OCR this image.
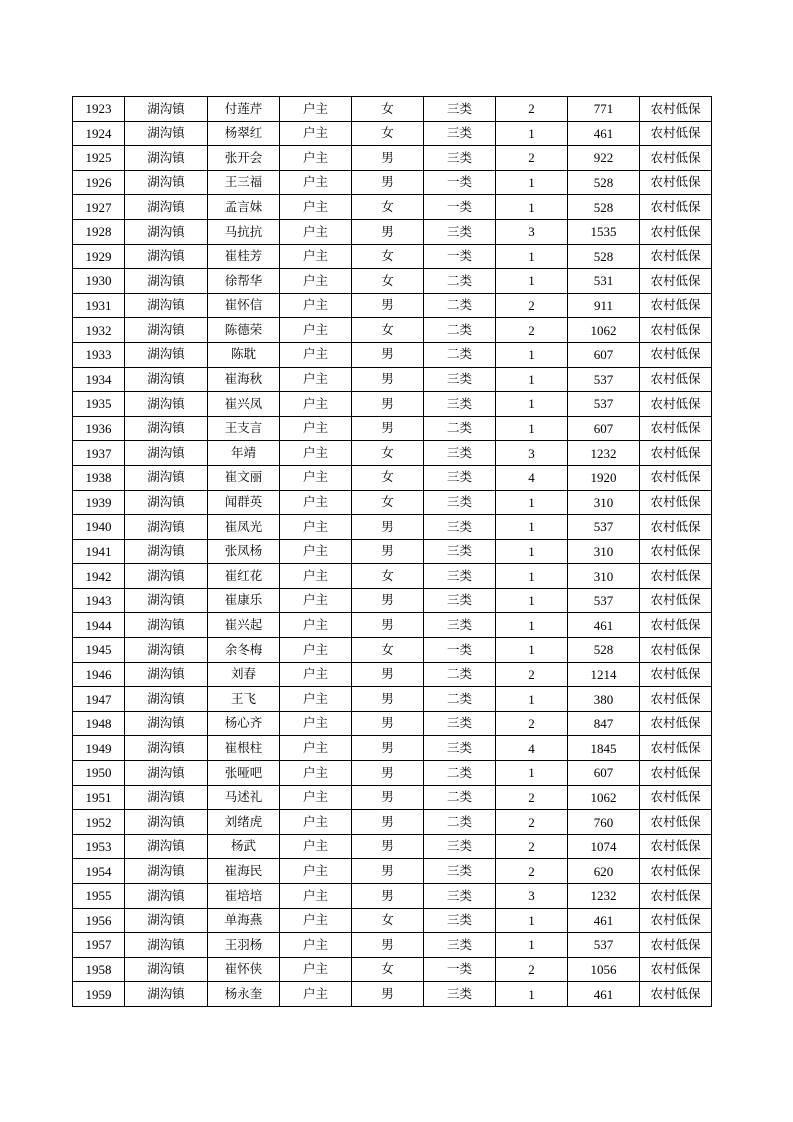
1923	湖沟镇	付莲芹	户主	女	三类	2	771	农村低保
1924	湖沟镇	杨翠红	户主	女	三类	1	461	农村低保
1925	湖沟镇	张开会	户主	男	三类	2	922	农村低保
1926	湖沟镇	王三福	户主	男	一类	1	528	农村低保
1927	湖沟镇	孟言妹	户主	女	一类	1	528	农村低保
1928	湖沟镇	马抗抗	户主	男	三类	3	1535	农村低保
1929	湖沟镇	崔桂芳	户主	女	一类	1	528	农村低保
1930	湖沟镇	徐帮华	户主	女	二类	1	531	农村低保
1931	湖沟镇	崔怀信	户主	男	二类	2	911	农村低保
1932	湖沟镇	陈德荣	户主	女	二类	2	1062	农村低保
1933	湖沟镇	陈耽	户主	男	二类	1	607	农村低保
1934	湖沟镇	崔海秋	户主	男	三类	1	537	农村低保
1935	湖沟镇	崔兴凤	户主	男	三类	1	537	农村低保
1936	湖沟镇	王支言	户主	男	二类	1	607	农村低保
1937	湖沟镇	年靖	户主	女	三类	3	1232	农村低保
1938	湖沟镇	崔文丽	户主	女	三类	4	1920	农村低保
1939	湖沟镇	闻群英	户主	女	三类	1	310	农村低保
1940	湖沟镇	崔凤光	户主	男	三类	1	537	农村低保
1941	湖沟镇	张凤杨	户主	男	三类	1	310	农村低保
1942	湖沟镇	崔红花	户主	女	三类	1	310	农村低保
1943	湖沟镇	崔康乐	户主	男	三类	1	537	农村低保
1944	湖沟镇	崔兴起	户主	男	三类	1	461	农村低保
1945	湖沟镇	余冬梅	户主	女	一类	1	528	农村低保
1946	湖沟镇	刘春	户主	男	二类	2	1214	农村低保
1947	湖沟镇	王飞	户主	男	二类	1	380	农村低保
1948	湖沟镇	杨心齐	户主	男	三类	2	847	农村低保
1949	湖沟镇	崔根柱	户主	男	三类	4	1845	农村低保
1950	湖沟镇	张哑吧	户主	男	二类	1	607	农村低保
1951	湖沟镇	马述礼	户主	男	二类	2	1062	农村低保
1952	湖沟镇	刘绪虎	户主	男	二类	2	760	农村低保
1953	湖沟镇	杨武	户主	男	三类	2	1074	农村低保
1954	湖沟镇	崔海民	户主	男	三类	2	620	农村低保
1955	湖沟镇	崔培培	户主	男	三类	3	1232	农村低保
1956	湖沟镇	单海燕	户主	女	三类	1	461	农村低保
1957	湖沟镇	王羽杨	户主	男	三类	1	537	农村低保
1958	湖沟镇	崔怀侠	户主	女	一类	2	1056	农村低保
1959	湖沟镇	杨永奎	户主	男	三类	1	461	农村低保
